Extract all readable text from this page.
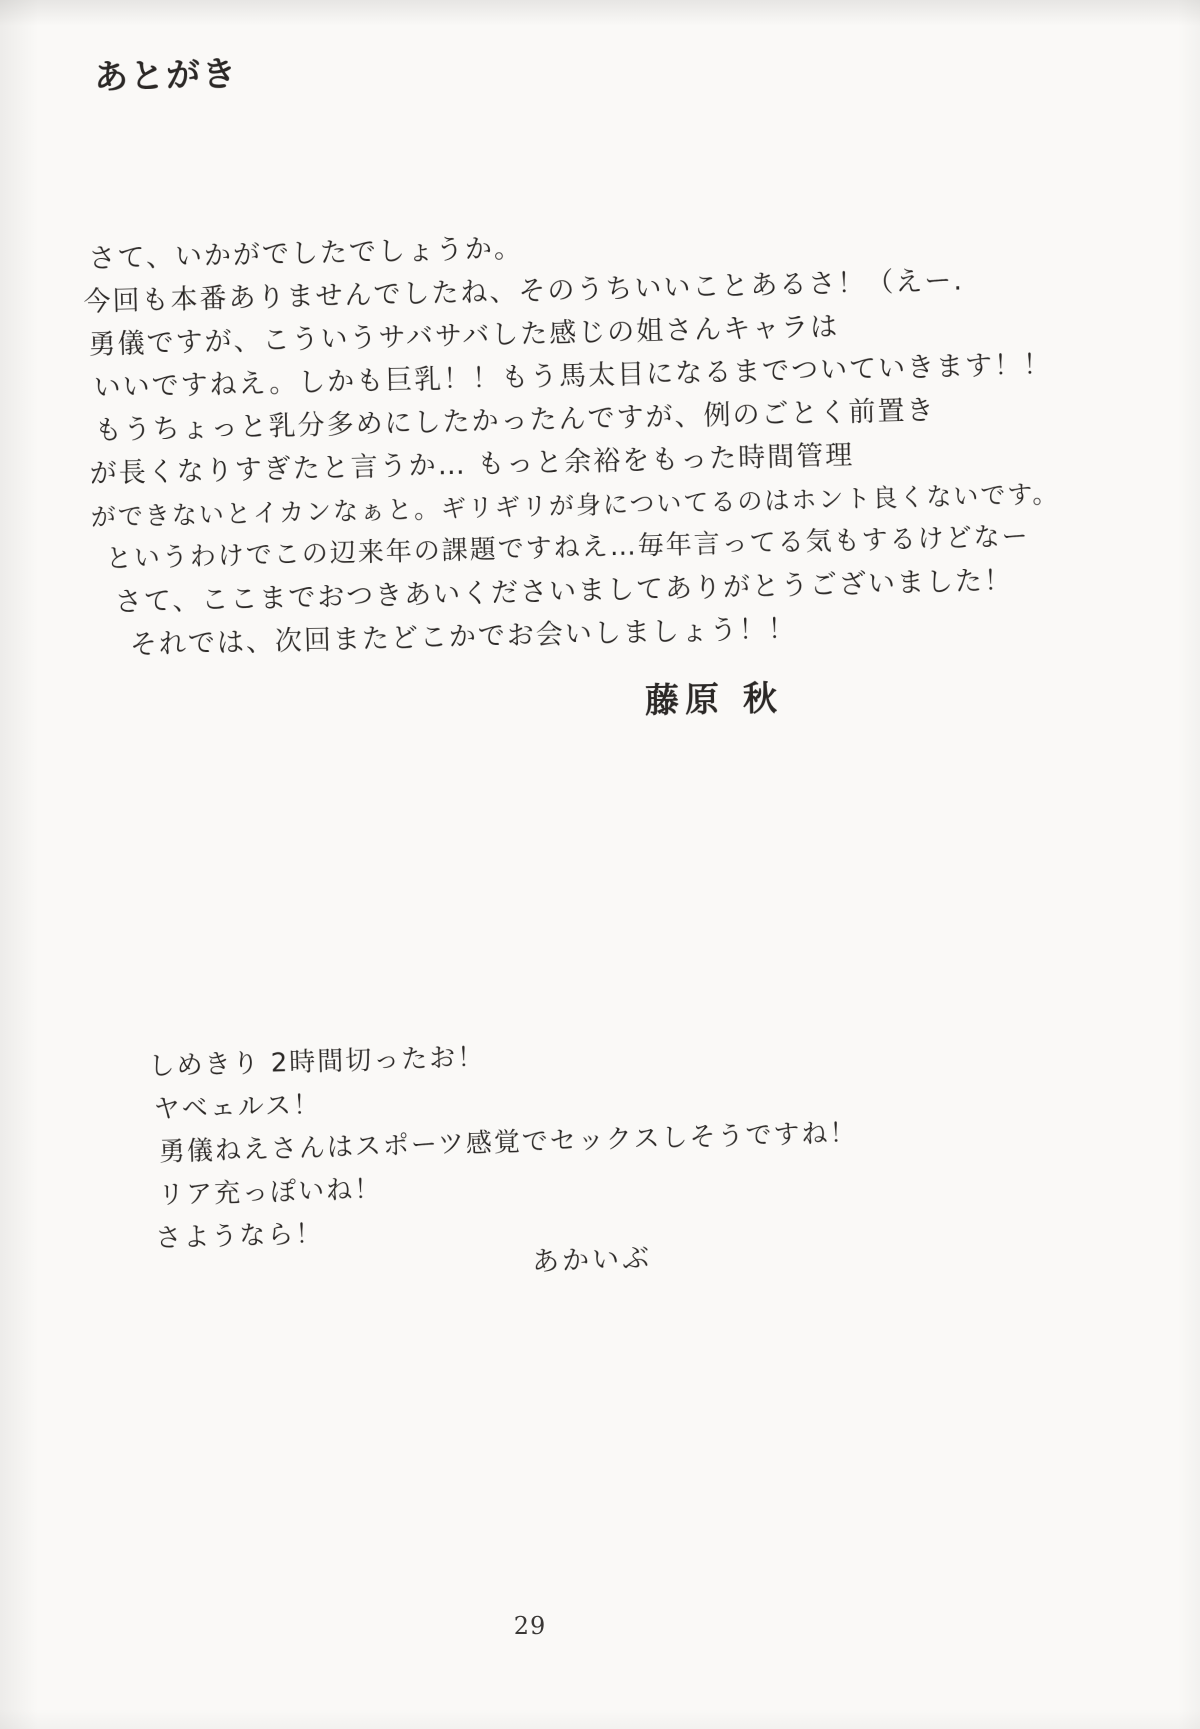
あとがき
さて、いかがでしたでしょうか。
今回も本番ありませんでしたね、そのうちいいことあるさ！（えー.
勇儀ですが、こういうサバサバした感じの姐さんキャラは
いいですねえ。しかも巨乳！！もう馬太目になるまでついていきます！！
もうちょっと乳分多めにしたかったんですが、例のごとく前置き
が長くなりすぎたと言うか… もっと余裕をもった時間管理
ができないとイカンなぁと。ギリギリが身についてるのはホント良くないです。
というわけでこの辺来年の課題ですねえ…毎年言ってる気もするけどなー
さて、ここまでおつきあいくださいましてありがとうございました！
それでは、次回またどこかでお会いしましょう！！
藤原 秋
しめきり 2時間切ったお！
ヤベェルス！
勇儀ねえさんはスポーツ感覚でセックスしそうですね！
リア充っぽいね！
さようなら！
あかいぶ
29
